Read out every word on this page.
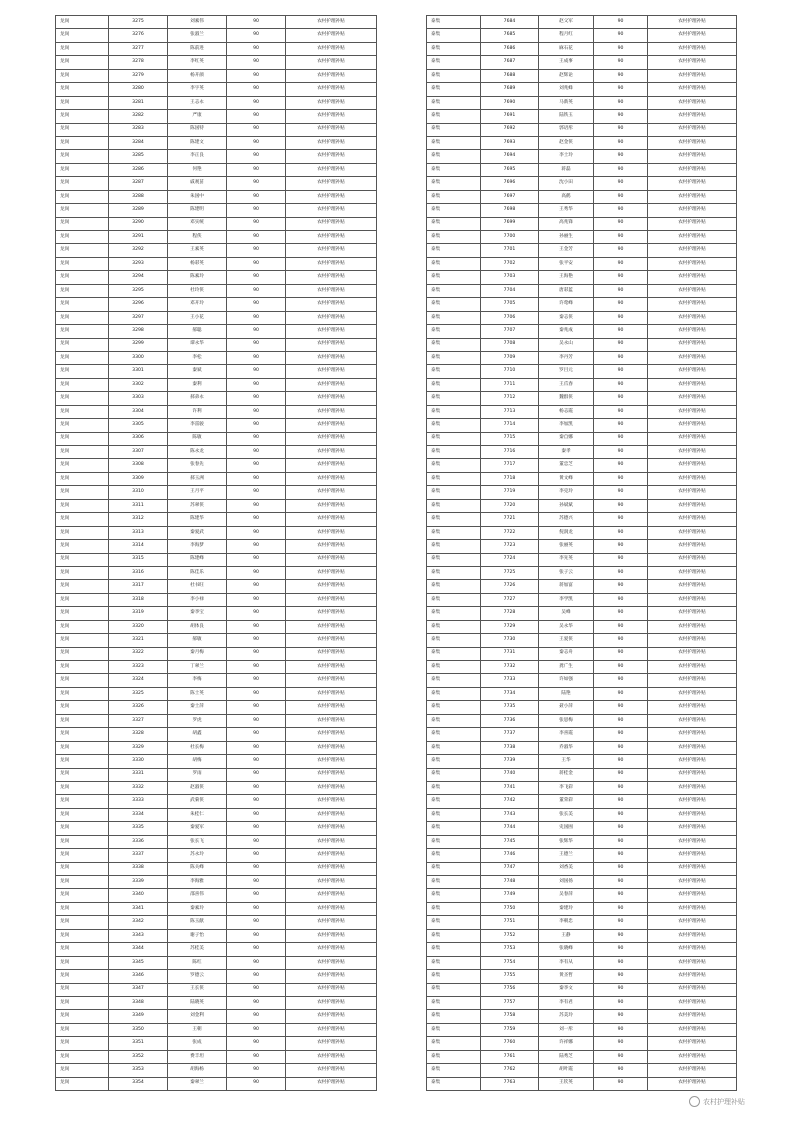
龙岗	3275	刘素伟	90	农村护理补贴
龙岗	3276	张淑兰	90	农村护理补贴
龙岗	3277	陈前进	90	农村护理补贴
龙岗	3278	李红英	90	农村护理补贴
龙岗	3279	杨开颜	90	农村护理补贴
龙岗	3280	李字英	90	农村护理补贴
龙岗	3281	王志永	90	农村护理补贴
龙岗	3282	严康	90	农村护理补贴
龙岗	3283	陈国特	90	农村护理补贴
龙岗	3284	陈建文	90	农村护理补贴
龙岗	3285	李正良	90	农村护理补贴
龙岗	3286	何艳	90	农村护理补贴
龙岗	3287	戚观苗	90	农村护理补贴
龙岗	3288	朱国中	90	农村护理补贴
龙岗	3289	陈建明	90	农村护理补贴
龙岗	3290	邓实统	90	农村护理补贴
龙岗	3291	程侠	90	农村护理补贴
龙岗	3292	王素英	90	农村护理补贴
龙岗	3293	杨彩英	90	农村护理补贴
龙岗	3294	陈素玲	90	农村护理补贴
龙岗	3295	杜玲侠	90	农村护理补贴
龙岗	3296	邓开玲	90	农村护理补贴
龙岗	3297	王小花	90	农村护理补贴
龙岗	3298	郝聪	90	农村护理补贴
龙岗	3299	谭永华	90	农村护理补贴
龙岗	3300	李松	90	农村护理补贴
龙岗	3301	秦斌	90	农村护理补贴
龙岗	3302	秦利	90	农村护理补贴
龙岗	3303	郝弟永	90	农村护理补贴
龙岗	3304	许利	90	农村护理补贴
龙岗	3305	李雷骏	90	农村护理补贴
龙岗	3306	陈敏	90	农村护理补贴
龙岗	3307	陈永龙	90	农村护理补贴
龙岗	3308	张春先	90	农村护理补贴
龙岗	3309	郝玉洲	90	农村护理补贴
龙岗	3310	王月平	90	农村护理补贴
龙岗	3311	苏翠侠	90	农村护理补贴
龙岗	3312	陈建华	90	农村护理补贴
龙岗	3313	秦爱武	90	农村护理补贴
龙岗	3314	李海梦	90	农村护理补贴
龙岗	3315	陈建峰	90	农村护理补贴
龙岗	3316	陈佳乐	90	农村护理补贴
龙岗	3317	杜书旺	90	农村护理补贴
龙岗	3318	李小禄	90	农村护理补贴
龙岗	3319	秦李宝	90	农村护理补贴
龙岗	3320	胡体良	90	农村护理补贴
龙岗	3321	郝敏	90	农村护理补贴
龙岗	3322	秦月梅	90	农村护理补贴
龙岗	3323	丁翠兰	90	农村护理补贴
龙岗	3324	李梅	90	农村护理补贴
龙岗	3325	陈士英	90	农村护理补贴
龙岗	3326	秦士萍	90	农村护理补贴
龙岗	3327	罗虎	90	农村护理补贴
龙岗	3328	胡鑫	90	农村护理补贴
龙岗	3329	杜长梅	90	农村护理补贴
龙岗	3330	胡梅	90	农村护理补贴
龙岗	3331	罗雨	90	农村护理补贴
龙岗	3332	赵淑侠	90	农村护理补贴
龙岗	3333	武菊侠	90	农村护理补贴
龙岗	3334	朱桂仁	90	农村护理补贴
龙岗	3335	秦爱军	90	农村护理补贴
龙岗	3336	张长飞	90	农村护理补贴
龙岗	3337	苏永玲	90	农村护理补贴
龙岗	3338	陈关峰	90	农村护理补贴
龙岗	3339	李海雅	90	农村护理补贴
龙岗	3340	邵喜伟	90	农村护理补贴
龙岗	3341	秦素玲	90	农村护理补贴
龙岗	3342	陈玉献	90	农村护理补贴
龙岗	3343	谢子怡	90	农村护理补贴
龙岗	3344	苏桂美	90	农村护理补贴
龙岗	3345	陈红	90	农村护理补贴
龙岗	3346	罗德云	90	农村护理补贴
龙岗	3347	王长侠	90	农村护理补贴
龙岗	3348	陆晓英	90	农村护理补贴
龙岗	3349	刘金利	90	农村护理补贴
龙岗	3350	王朝	90	农村护理补贴
龙岗	3351	张成	90	农村护理补贴
龙岗	3352	费丰坦	90	农村护理补贴
龙岗	3353	胡海杨	90	农村护理补贴
龙岗	3354	秦翠兰	90	农村护理补贴
泰集	7684	赵父军	90	农村护理补贴
泰集	7685	程月红	90	农村护理补贴
泰集	7686	麻石花	90	农村护理补贴
泰集	7687	王成事	90	农村护理补贴
泰集	7688	赵辉论	90	农村护理补贴
泰集	7689	刘兆蜂	90	农村护理补贴
泰集	7690	马新英	90	农村护理补贴
泰集	7691	陆铁玉	90	农村护理补贴
泰集	7692	郭语彤	90	农村护理补贴
泰集	7693	赵金侠	90	农村护理补贴
泰集	7694	李士玲	90	农村护理补贴
泰集	7695	蒋磊	90	农村护理补贴
泰集	7696	沈小田	90	农村护理补贴
泰集	7697	高鹤	90	农村护理补贴
泰集	7698	王秀华	90	农村护理补贴
泰集	7699	高兆锋	90	农村护理补贴
泰集	7700	孙丽生	90	农村护理补贴
泰集	7701	王金芳	90	农村护理补贴
泰集	7702	张平安	90	农村护理补贴
泰集	7703	王海艳	90	农村护理补贴
泰集	7704	唐彩蓝	90	农村护理补贴
泰集	7705	许莺峰	90	农村护理补贴
泰集	7706	秦志侠	90	农村护理补贴
泰集	7707	秦兆成	90	农村护理补贴
泰集	7708	吴永山	90	农村护理补贴
泰集	7709	李丹芳	90	农村护理补贴
泰集	7710	罗目元	90	农村护理补贴
泰集	7711	王爪春	90	农村护理补贴
泰集	7712	魏群侠	90	农村护理补贴
泰集	7713	杨志霞	90	农村护理补贴
泰集	7714	李加凯	90	农村护理补贴
泰集	7715	秦自娜	90	农村护理补贴
泰集	7716	秦孝	90	农村护理补贴
泰集	7717	董忠芝	90	农村护理补贴
泰集	7718	黄文峰	90	农村护理补贴
泰集	7719	李克玲	90	农村护理补贴
泰集	7720	孙斌斌	90	农村护理补贴
泰集	7721	苏德兴	90	农村护理补贴
泰集	7722	倪润龙	90	农村护理补贴
泰集	7723	张丽英	90	农村护理补贴
泰集	7724	李先英	90	农村护理补贴
泰集	7725	张子云	90	农村护理补贴
泰集	7726	蒋加富	90	农村护理补贴
泰集	7727	李学凯	90	农村护理补贴
泰集	7728	吴峰	90	农村护理补贴
泰集	7729	吴永华	90	农村护理补贴
泰集	7730	王爱侠	90	农村护理补贴
泰集	7731	秦志舟	90	农村护理补贴
泰集	7732	龚广生	90	农村护理补贴
泰集	7733	许如强	90	农村护理补贴
泰集	7734	陆艳	90	农村护理补贴
泰集	7735	聂小萍	90	农村护理补贴
泰集	7736	张思梅	90	农村护理补贴
泰集	7737	李喜霞	90	农村护理补贴
泰集	7738	乔淑华	90	农村护理补贴
泰集	7739	王华	90	农村护理补贴
泰集	7740	蒋桂金	90	农村护理补贴
泰集	7741	李飞彩	90	农村护理补贴
泰集	7742	董荣彩	90	农村护理补贴
泰集	7743	张长美	90	农村护理补贴
泰集	7744	史国囿	90	农村护理补贴
泰集	7745	张辉华	90	农村护理补贴
泰集	7746	王德兰	90	农村护理补贴
泰集	7747	刘香美	90	农村护理补贴
泰集	7748	刘国扬	90	农村护理补贴
泰集	7749	吴春萍	90	农村护理补贴
泰集	7750	秦建玲	90	农村护理补贴
泰集	7751	李朝忠	90	农村护理补贴
泰集	7752	王静	90	农村护理补贴
泰集	7753	张晓峰	90	农村护理补贴
泰集	7754	李有从	90	农村护理补贴
泰集	7755	黄圣哲	90	农村护理补贴
泰集	7756	秦李文	90	农村护理补贴
泰集	7757	李有君	90	农村护理补贴
泰集	7758	苏美玲	90	农村护理补贴
泰集	7759	刘一彤	90	农村护理补贴
泰集	7760	许祥娜	90	农村护理补贴
泰集	7761	陆秀芝	90	农村护理补贴
泰集	7762	胡叶霞	90	农村护理补贴
泰集	7763	王钦英	90	农村护理补贴
农村护理补贴
